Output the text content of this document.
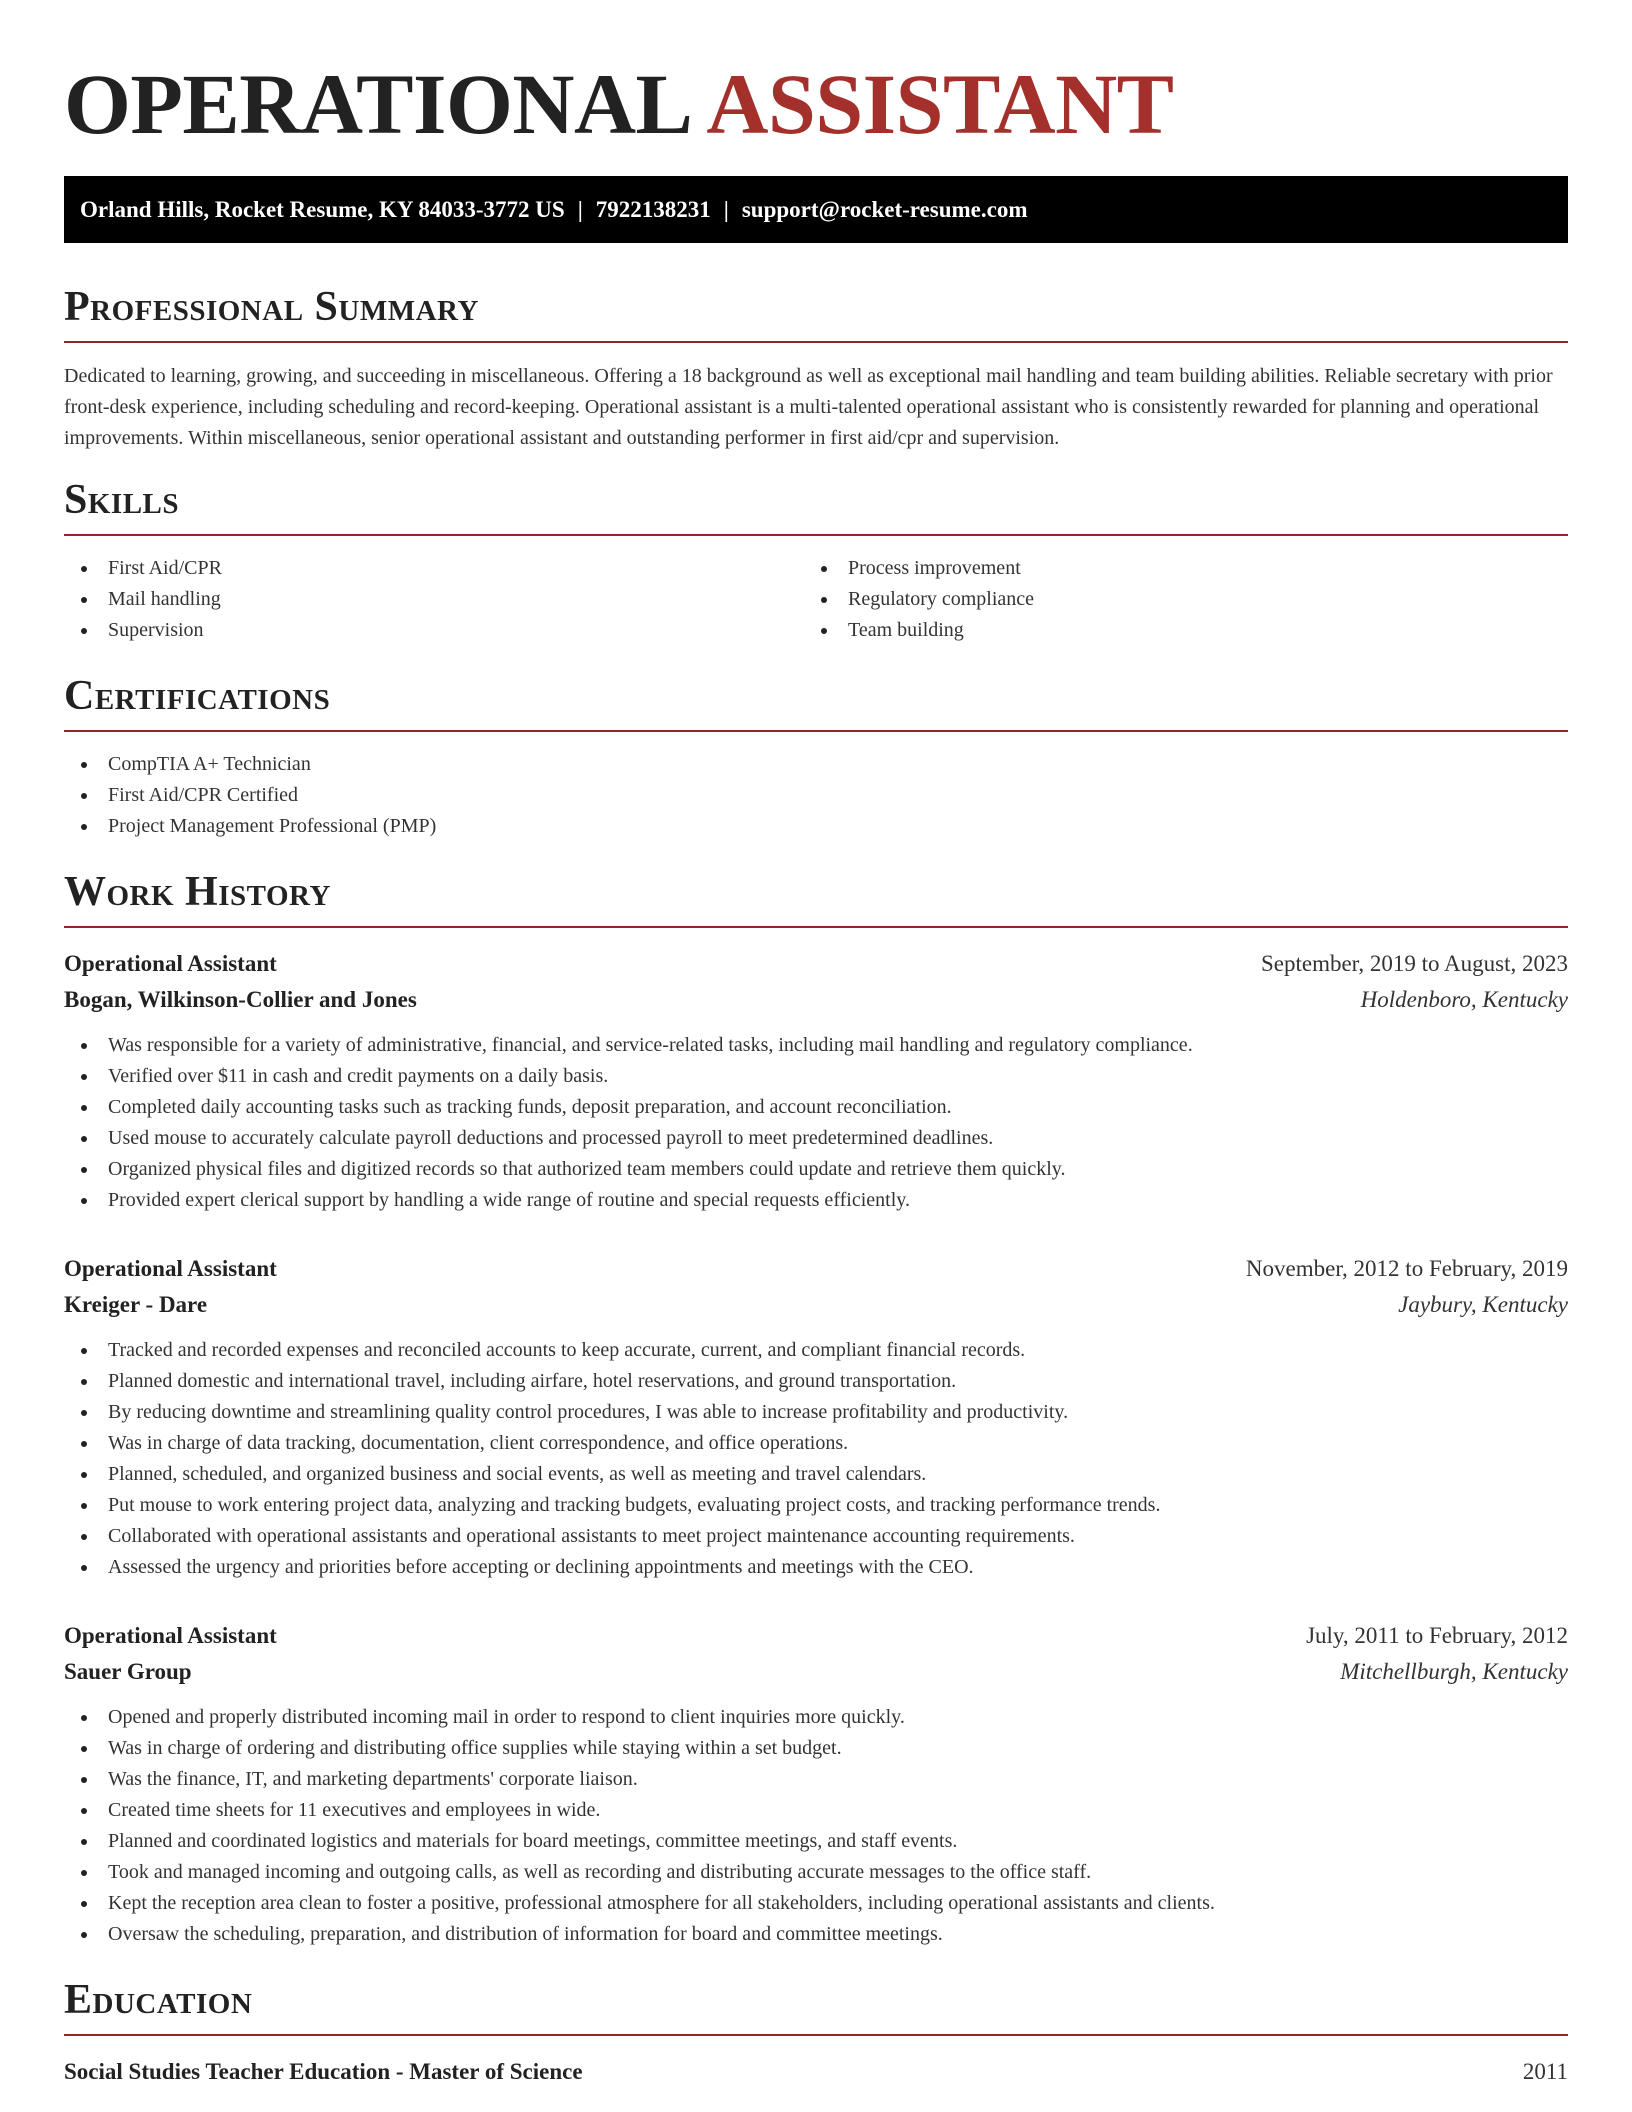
OPERATIONAL ASSISTANT
Orland Hills, Rocket Resume, KY 84033-3772 US | 7922138231 | support@rocket-resume.com
Professional Summary

Dedicated to learning, growing, and succeeding in miscellaneous. Offering a 18 background as well as exceptional mail handling and team building abilities. Reliable secretary with prior front-desk experience, including scheduling and record-keeping. Operational assistant is a multi-talented operational assistant who is consistently rewarded for planning and operational improvements. Within miscellaneous, senior operational assistant and outstanding performer in first aid/cpr and supervision.

Skills
First Aid/CPR
Mail handling
Supervision
Process improvement
Regulatory compliance
Team building
Certifications
CompTIA A+ Technician
First Aid/CPR Certified
Project Management Professional (PMP)
Work History
Operational Assistant	September, 2019 to August, 2023
Bogan, Wilkinson-Collier and Jones	Holdenboro, Kentucky
Was responsible for a variety of administrative, financial, and service-related tasks, including mail handling and regulatory compliance.
Verified over $11 in cash and credit payments on a daily basis.
Completed daily accounting tasks such as tracking funds, deposit preparation, and account reconciliation.
Used mouse to accurately calculate payroll deductions and processed payroll to meet predetermined deadlines.
Organized physical files and digitized records so that authorized team members could update and retrieve them quickly.
Provided expert clerical support by handling a wide range of routine and special requests efficiently.
Operational Assistant	November, 2012 to February, 2019
Kreiger - Dare	Jaybury, Kentucky
Tracked and recorded expenses and reconciled accounts to keep accurate, current, and compliant financial records.
Planned domestic and international travel, including airfare, hotel reservations, and ground transportation.
By reducing downtime and streamlining quality control procedures, I was able to increase profitability and productivity.
Was in charge of data tracking, documentation, client correspondence, and office operations.
Planned, scheduled, and organized business and social events, as well as meeting and travel calendars.
Put mouse to work entering project data, analyzing and tracking budgets, evaluating project costs, and tracking performance trends.
Collaborated with operational assistants and operational assistants to meet project maintenance accounting requirements.
Assessed the urgency and priorities before accepting or declining appointments and meetings with the CEO.
Operational Assistant	July, 2011 to February, 2012
Sauer Group	Mitchellburgh, Kentucky
Opened and properly distributed incoming mail in order to respond to client inquiries more quickly.
Was in charge of ordering and distributing office supplies while staying within a set budget.
Was the finance, IT, and marketing departments' corporate liaison.
Created time sheets for 11 executives and employees in wide.
Planned and coordinated logistics and materials for board meetings, committee meetings, and staff events.
Took and managed incoming and outgoing calls, as well as recording and distributing accurate messages to the office staff.
Kept the reception area clean to foster a positive, professional atmosphere for all stakeholders, including operational assistants and clients.
Oversaw the scheduling, preparation, and distribution of information for board and committee meetings.
Education
Social Studies Teacher Education - Master of Science	2011
